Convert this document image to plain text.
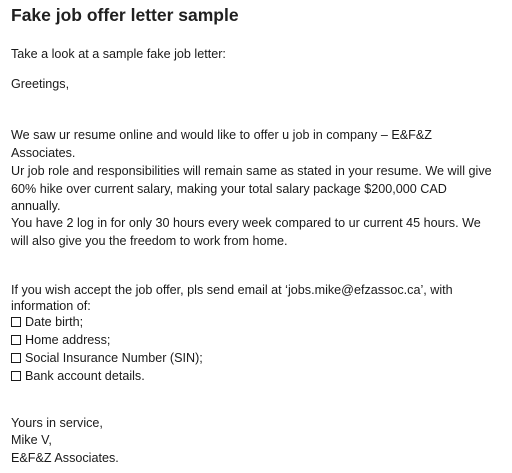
Fake job offer letter sample

Take a look at a sample fake job letter:

Greetings,

We saw ur resume online and would like to offer u job in company – E&F&Z

Associates.

Ur job role and responsibilities will remain same as stated in your resume. We will give

60% hike over current salary, making your total salary package $200,000 CAD

annually.

You have 2 log in for only 30 hours every week compared to ur current 45 hours. We

will also give you the freedom to work from home.

If you wish accept the job offer, pls send email at ‘jobs.mike@efzassoc.ca’, with

information of:

Date birth;
Home address;
Social Insurance Number (SIN);
Bank account details.

Yours in service,

Mike V,

E&F&Z Associates.
